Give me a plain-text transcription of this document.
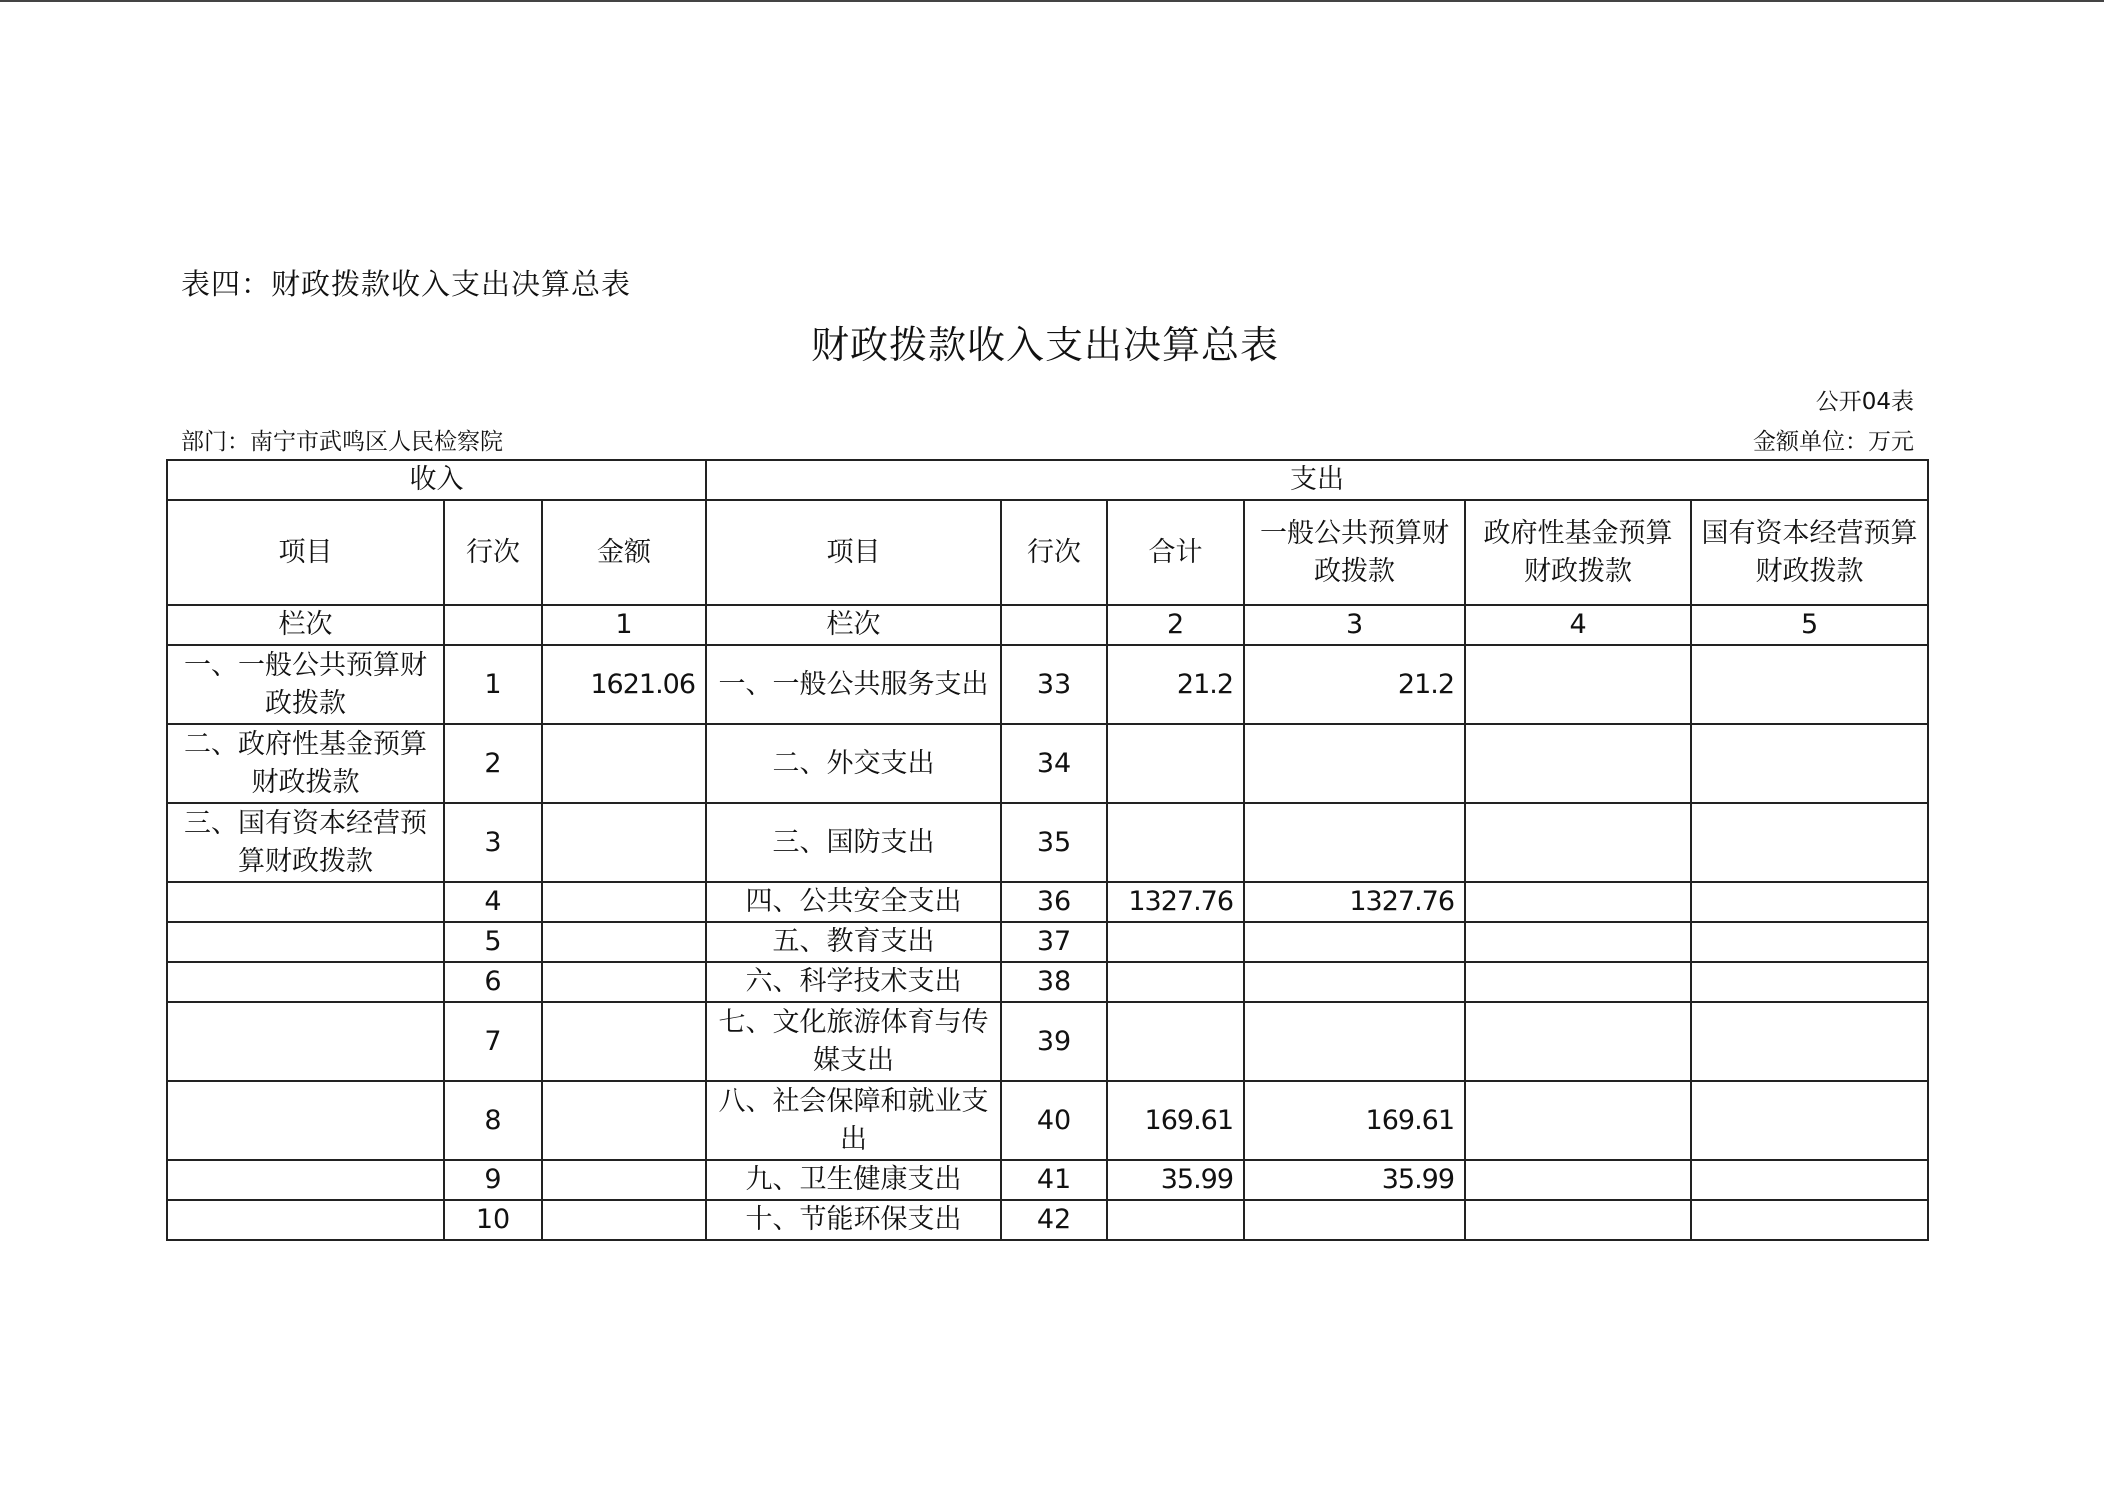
表四：财政拨款收入支出决算总表
财政拨款收入支出决算总表
公开04表
部门：南宁市武鸣区人民检察院	金额单位：万元
收入			支出					
项目	行次	金额	项目	行次	合计	一般公共预算财政拨款	政府性基金预算财政拨款	国有资本经营预算财政拨款
栏次		1	栏次		2	3	4	5
一、一般公共预算财政拨款	1	1621.06	一、一般公共服务支出	33	21.2	21.2		
二、政府性基金预算财政拨款	2		二、外交支出	34				
三、国有资本经营预算财政拨款	3		三、国防支出	35				
	4		四、公共安全支出	36	1327.76	1327.76		
	5		五、教育支出	37				
	6		六、科学技术支出	38				
	7		七、文化旅游体育与传媒支出	39				
	8		八、社会保障和就业支出	40	169.61	169.61		
	9		九、卫生健康支出	41	35.99	35.99		
	10		十、节能环保支出	42				
